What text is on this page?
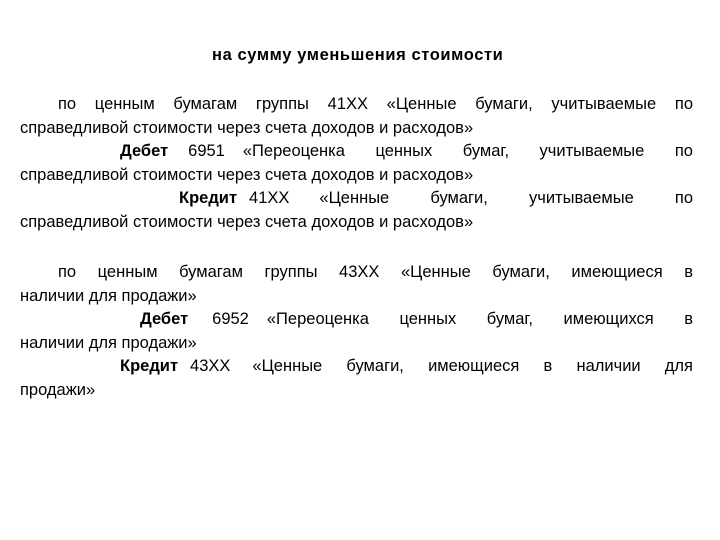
на сумму уменьшения стоимости
по ценным бумагам группы 41ХХ «Ценные бумаги, учитываемые по
справедливой стоимости через счета доходов и расходов»
Дебет 6951 «Переоценка ценных бумаг, учитываемые по
справедливой стоимости через счета доходов и расходов»
Кредит 41ХХ «Ценные бумаги, учитываемые по
справедливой стоимости через счета доходов и расходов»
по ценным бумагам группы 43ХХ «Ценные бумаги, имеющиеся в
наличии для продажи»
Дебет 6952 «Переоценка ценных бумаг, имеющихся в
наличии для продажи»
Кредит 43ХХ «Ценные бумаги, имеющиеся в наличии для
продажи»
